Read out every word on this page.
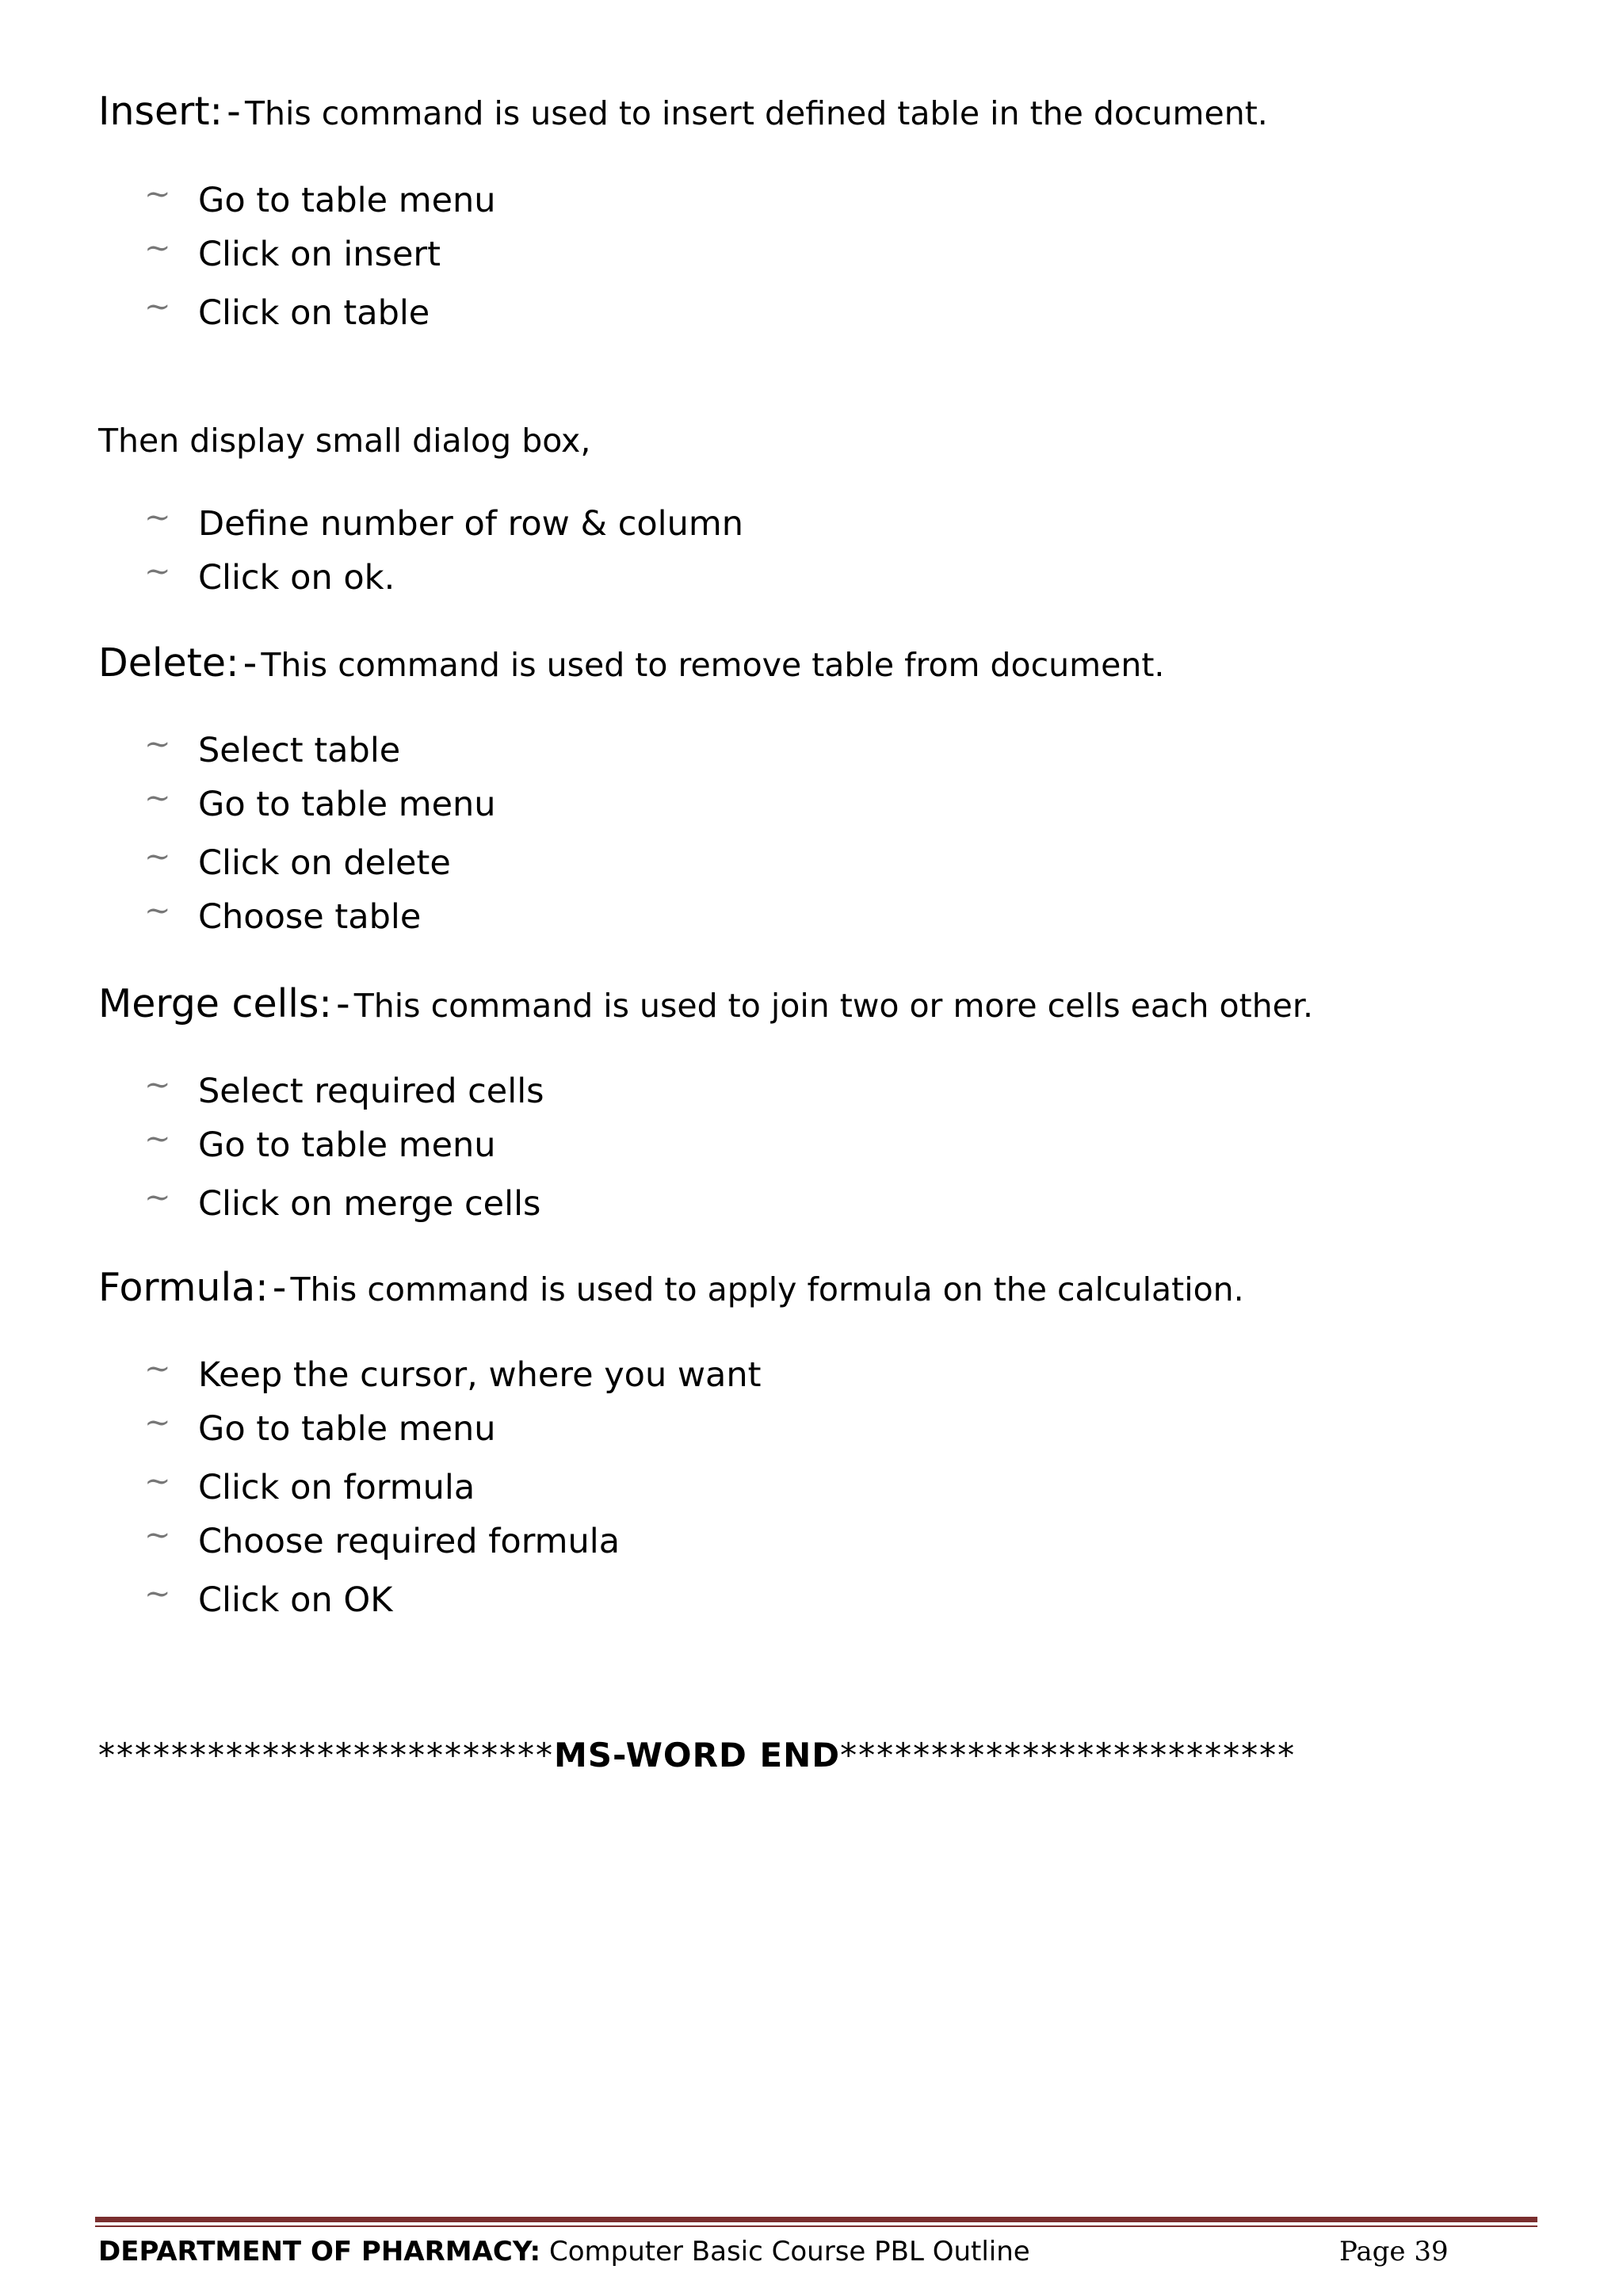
Insert: - This command is used to insert defined table in the document.
~ Go to table menu
~ Click on insert
~ Click on table
Then display small dialog box,
~ Define number of row & column
~ Click on ok.
Delete: - This command is used to remove table from document.
~ Select table
~ Go to table menu
~ Click on delete
~ Choose table
Merge cells: - This command is used to join two or more cells each other.
~ Select required cells
~ Go to table menu
~ Click on merge cells
Formula: - This command is used to apply formula on the calculation.
~ Keep the cursor, where you want
~ Go to table menu
~ Click on formula
~ Choose required formula
~ Click on OK
*************************MS-WORD END*************************
DEPARTMENT OF PHARMACY: Computer Basic Course PBL Outline	Page 39
